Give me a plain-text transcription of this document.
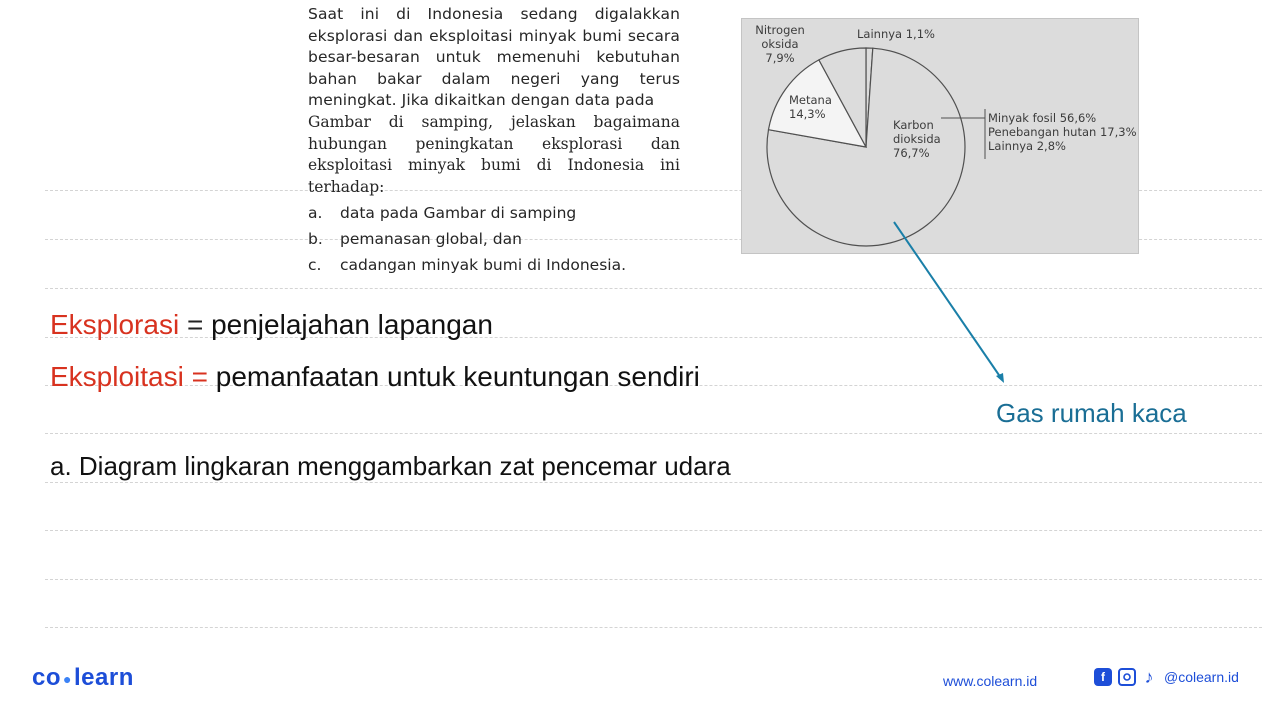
Saat ini di Indonesia sedang digalakkan eksplorasi dan eksploitasi minyak bumi secara besar-besaran untuk memenuhi kebutuhan bahan bakar dalam negeri yang terus meningkat. Jika dikaitkan dengan data pada
Gambar di samping, jelaskan bagaimana hubungan peningkatan eksplorasi dan eksploitasi minyak bumi di Indonesia ini terhadap:
a.	data pada Gambar di samping
b.	pemanasan global, dan
c.	cadangan minyak bumi di Indonesia.
Nitrogen
oksida
7,9%
Lainnya 1,1%
Metana
14,3%
Karbon
dioksida
76,7%
Minyak fosil 56,6%
Penebangan hutan 17,3%
Lainnya 2,8%
Eksplorasi = penjelajahan lapangan
Eksploitasi = pemanfaatan untuk keuntungan sendiri
a. Diagram lingkaran menggambarkan zat pencemar udara
Gas rumah kaca
co ●learn	www.colearn.id	f	♪ @colearn.id
